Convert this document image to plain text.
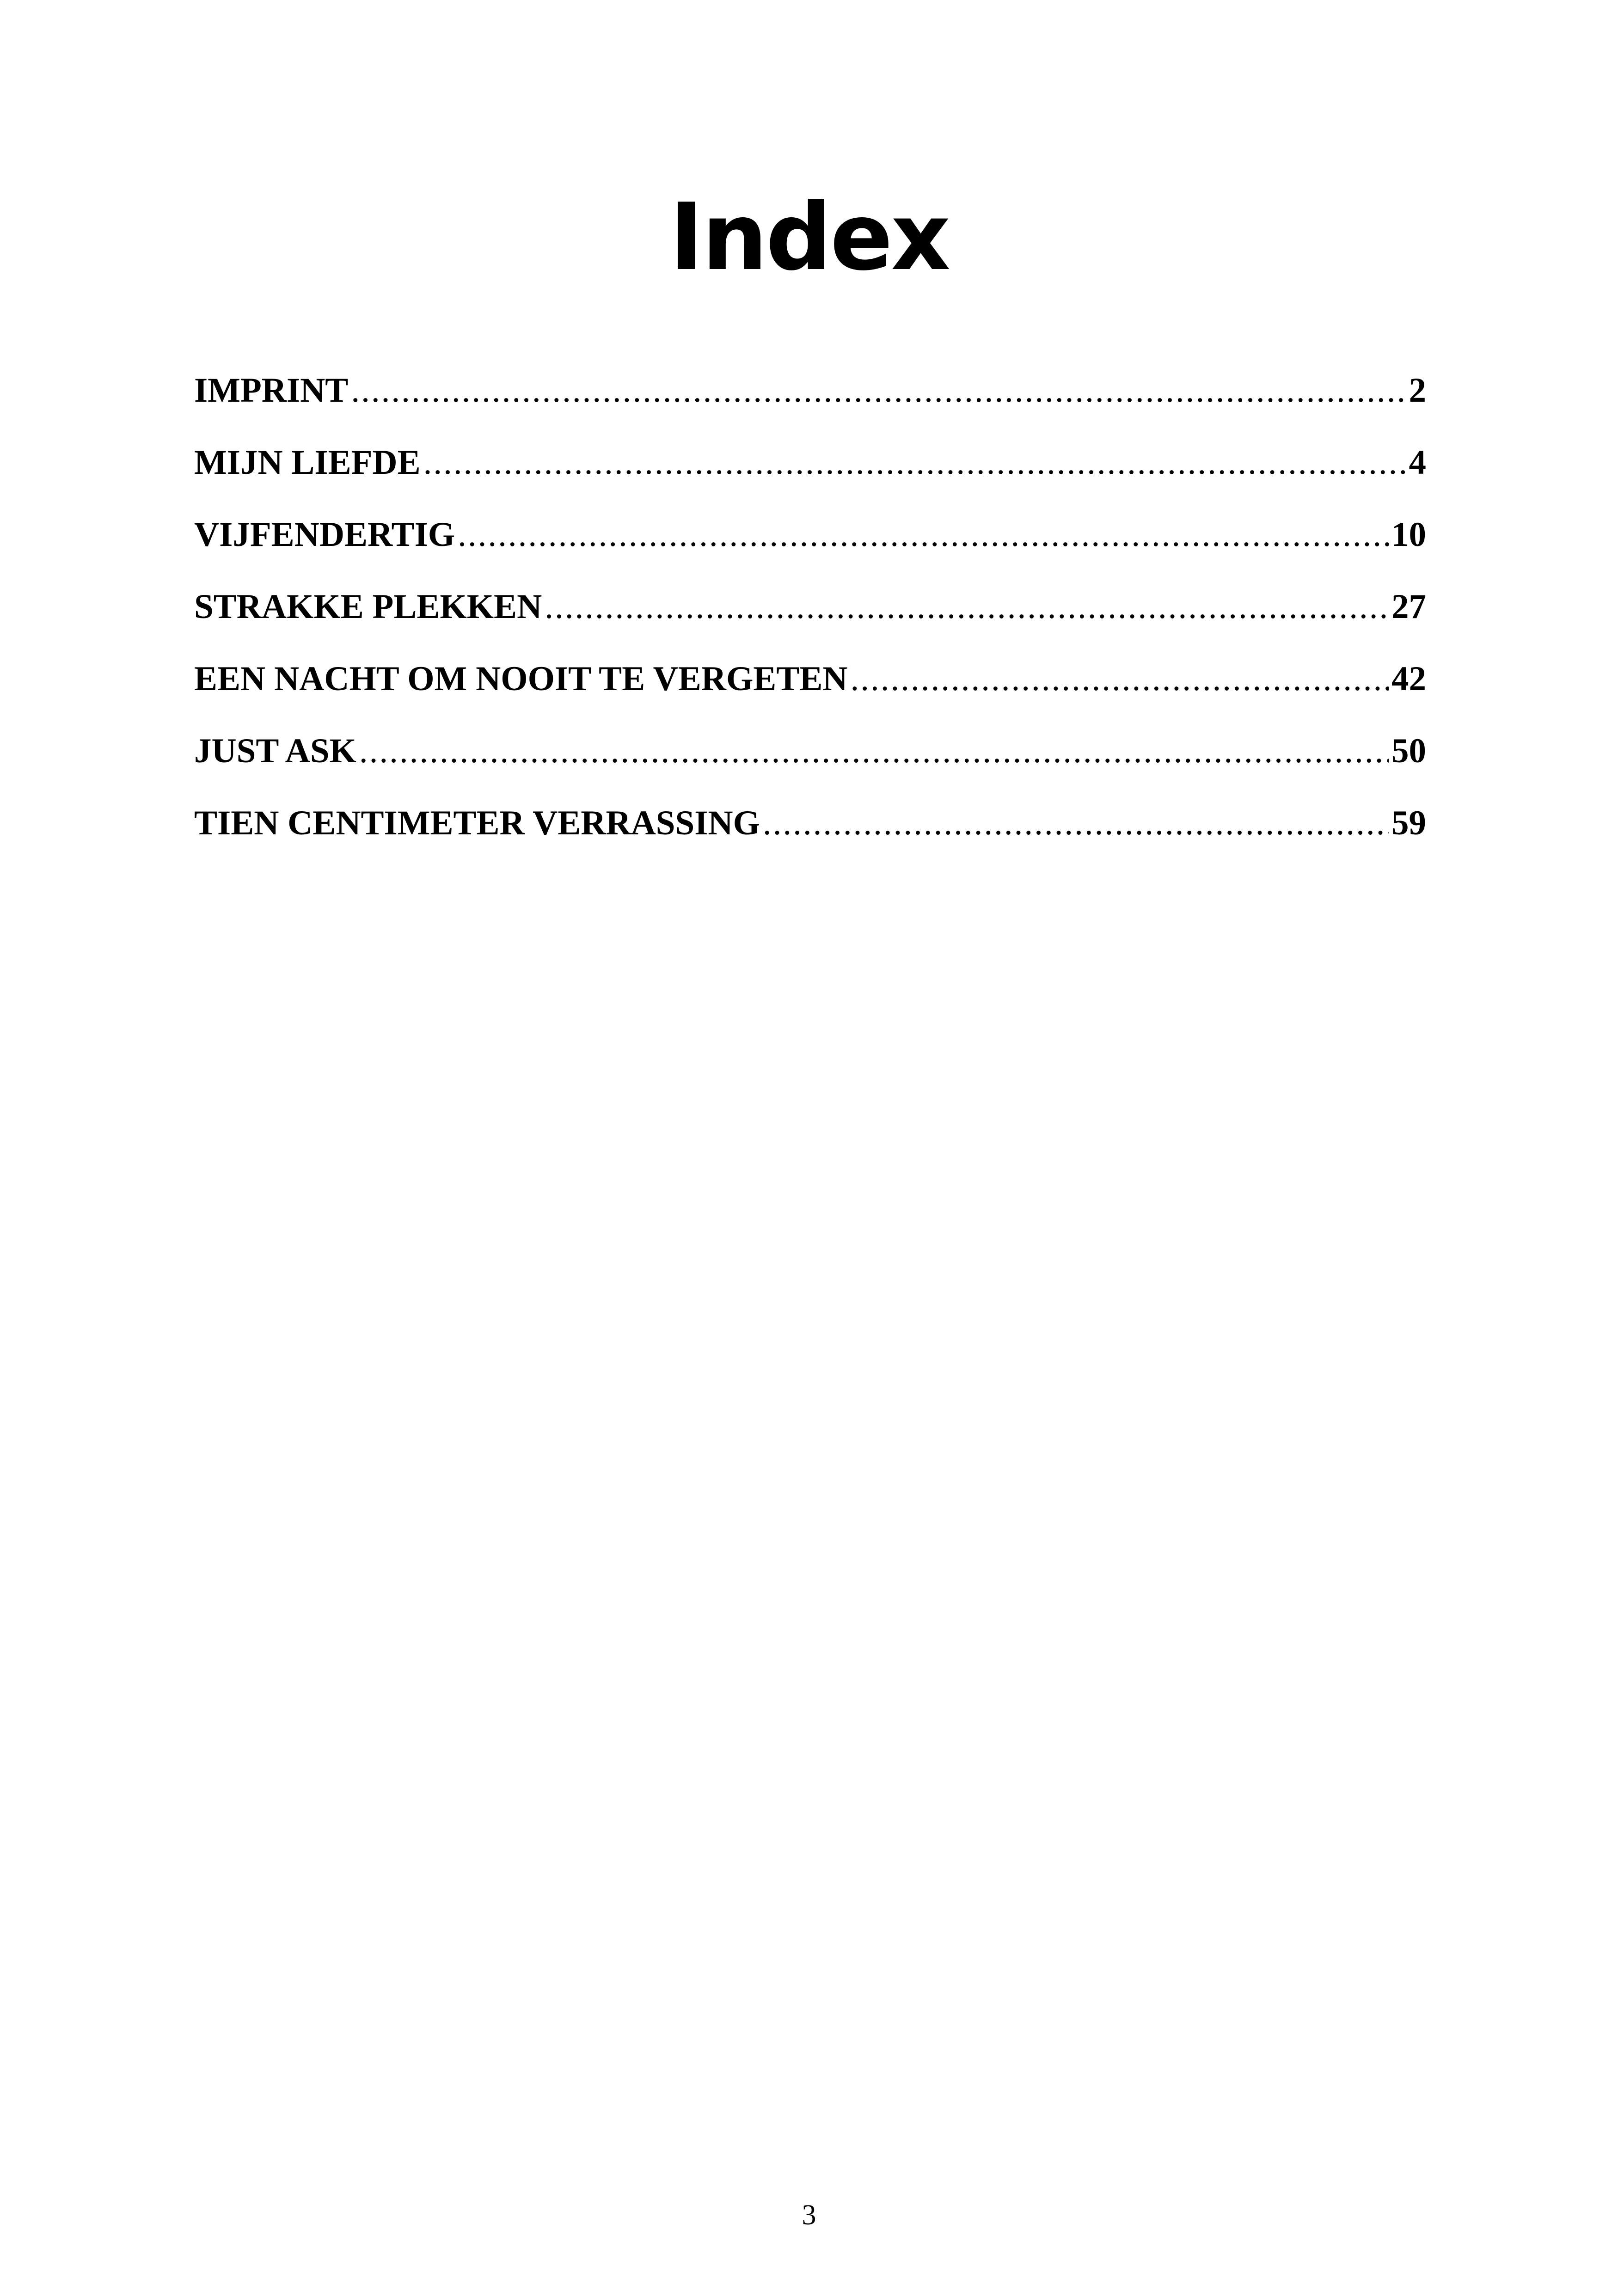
Index
IMPRINT .....	2
MIJN LIEFDE .....	4
VIJFENDERTIG .....	10
STRAKKE PLEKKEN .....	27
EEN NACHT OM NOOIT TE VERGETEN .....	42
JUST ASK .....	50
TIEN CENTIMETER VERRASSING .....	59
3
